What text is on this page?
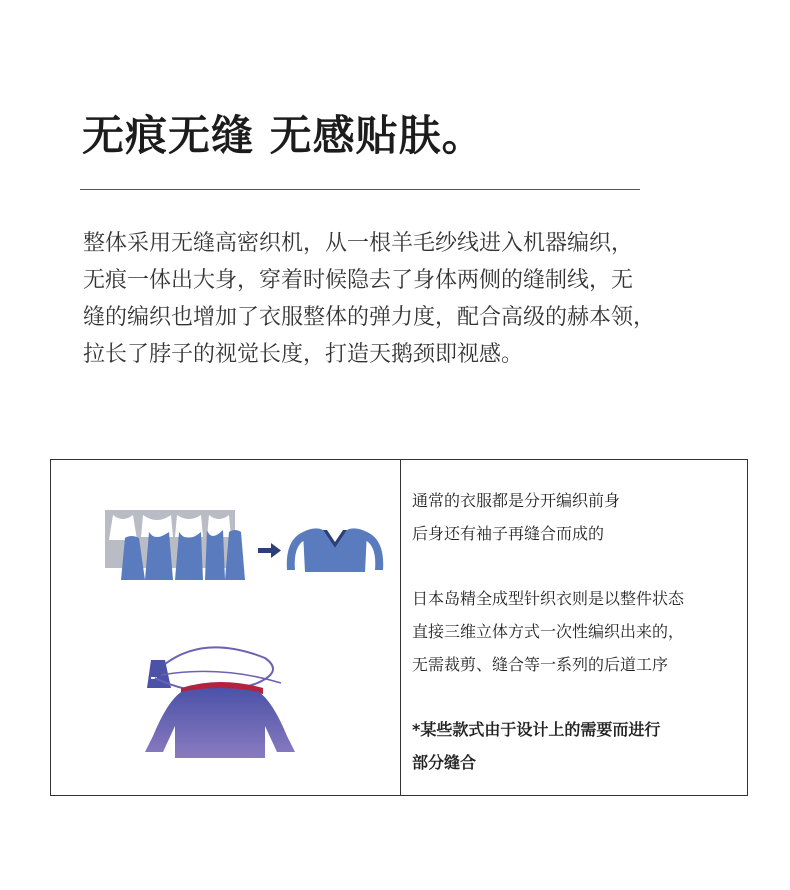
无痕无缝 无感贴肤。
整体采用无缝高密织机，从一根羊毛纱线进入机器编织，
无痕一体出大身，穿着时候隐去了身体两侧的缝制线，无
缝的编织也增加了衣服整体的弹力度，配合高级的赫本领，
拉长了脖子的视觉长度，打造天鹅颈即视感。
通常的衣服都是分开编织前身
后身还有袖子再缝合而成的
日本岛精全成型针织衣则是以整件状态
直接三维立体方式一次性编织出来的，
无需裁剪、缝合等一系列的后道工序
*某些款式由于设计上的需要而进行
部分缝合
